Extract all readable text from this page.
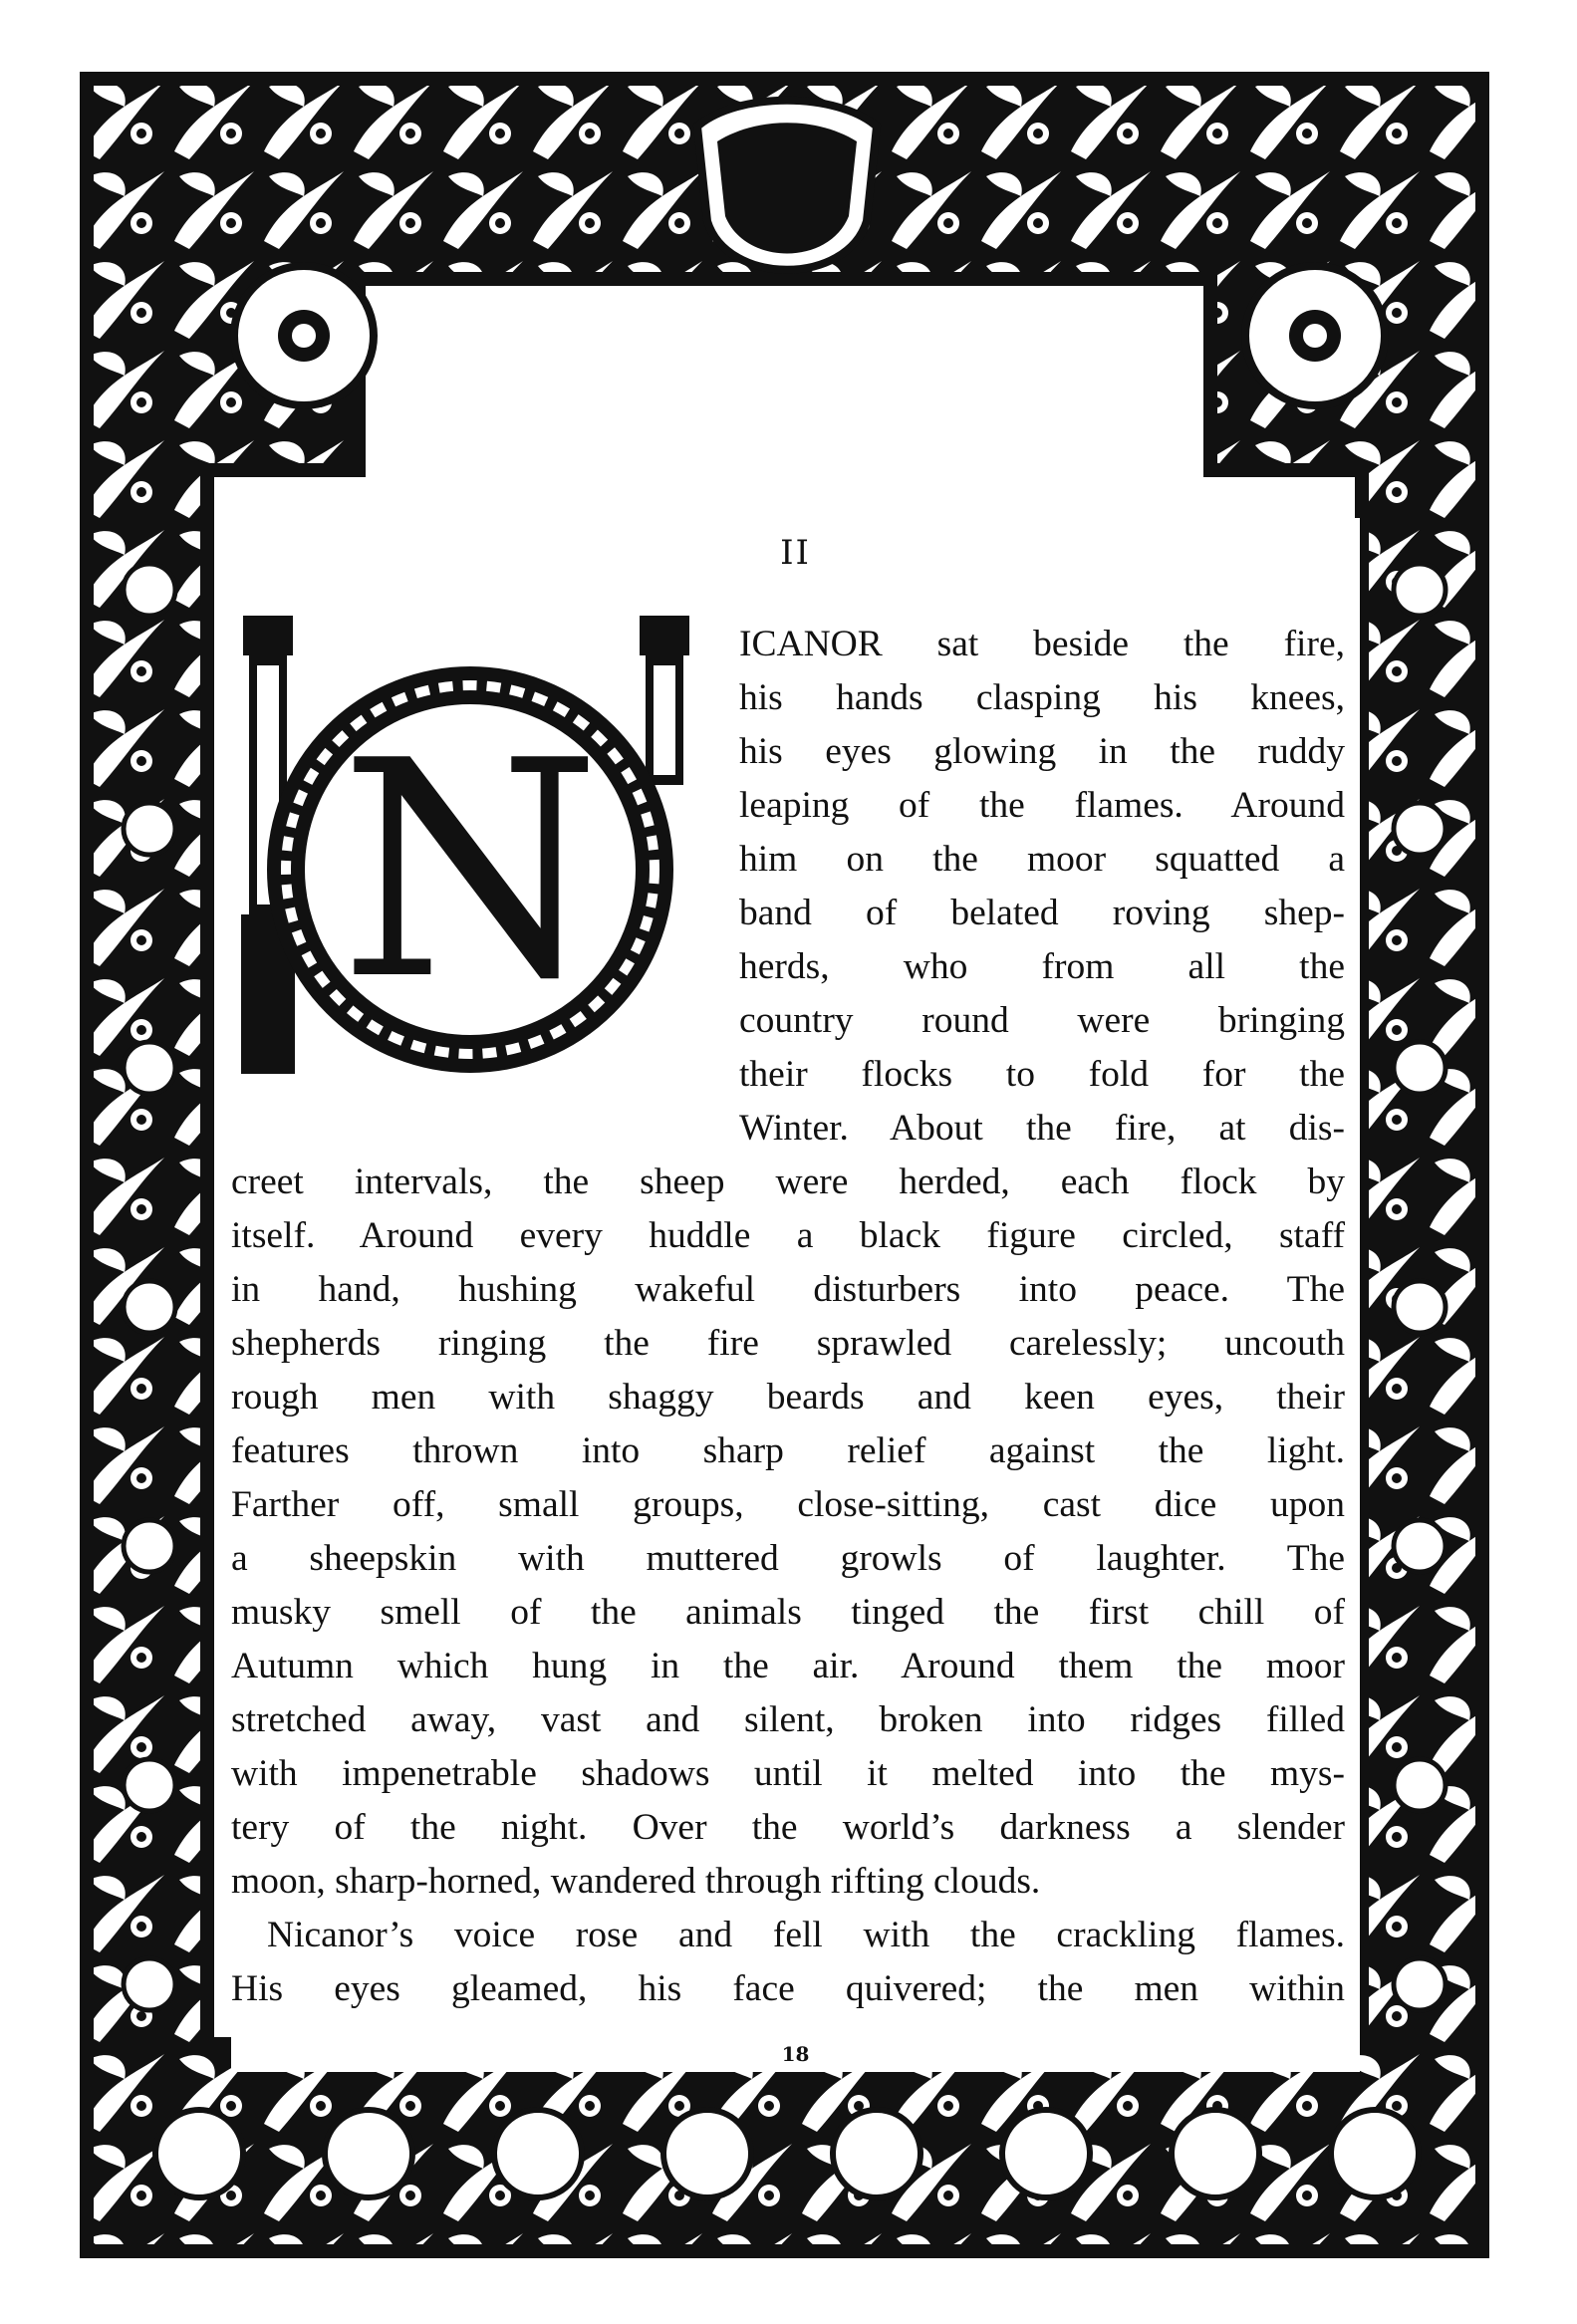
II
N
ICANOR sat beside the fire,
his hands clasping his knees,
his eyes glowing in the ruddy
leaping of the flames. Around
him on the moor squatted a
band of belated roving shep-
herds, who from all the
country round were bringing
their flocks to fold for the
Winter. About the fire, at dis-
creet intervals, the sheep were herded, each flock by
itself. Around every huddle a black figure circled, staff
in hand, hushing wakeful disturbers into peace. The
shepherds ringing the fire sprawled carelessly; uncouth
rough men with shaggy beards and keen eyes, their
features thrown into sharp relief against the light.
Farther off, small groups, close-sitting, cast dice upon
a sheepskin with muttered growls of laughter. The
musky smell of the animals tinged the first chill of
Autumn which hung in the air. Around them the moor
stretched away, vast and silent, broken into ridges filled
with impenetrable shadows until it melted into the mys-
tery of the night. Over the world’s darkness a slender
moon, sharp-horned, wandered through rifting clouds.
Nicanor’s voice rose and fell with the crackling flames.
His eyes gleamed, his face quivered; the men within
18
